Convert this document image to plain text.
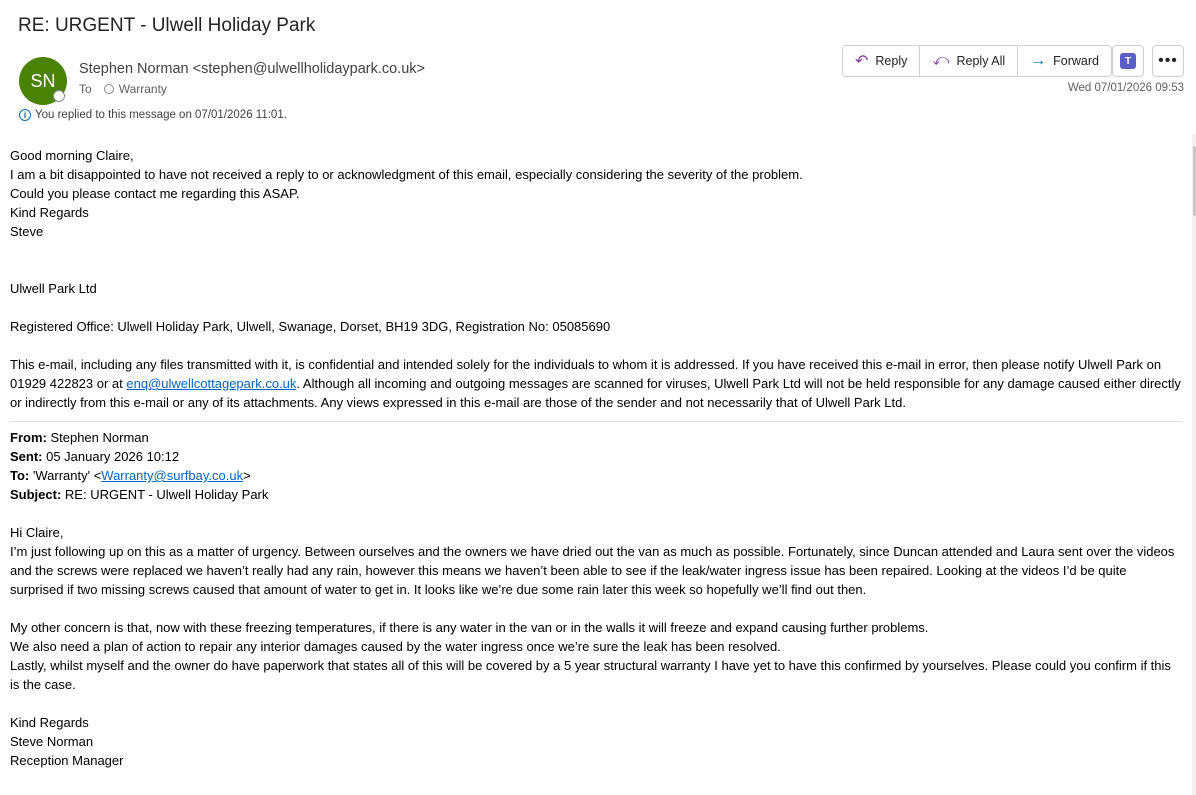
RE: URGENT - Ulwell Holiday Park
SN
Stephen Norman <stephen@ulwellholidaypark.co.uk>
To Warranty
i You replied to this message on 07/01/2026 11:01.
↶ Reply ⤺ Reply All → Forward	T	•••
Wed 07/01/2026 09:53

Good morning Claire,

I am a bit disappointed to have not received a reply to or acknowledgment of this email, especially considering the severity of the problem.

Could you please contact me regarding this ASAP.

Kind Regards

Steve

Ulwell Park Ltd

Registered Office: Ulwell Holiday Park, Ulwell, Swanage, Dorset, BH19 3DG, Registration No: 05085690

This e-mail, including any files transmitted with it, is confidential and intended solely for the individuals to whom it is addressed. If you have received this e-mail in error, then please notify Ulwell Park on 01929 422823 or at enq@ulwellcottagepark.co.uk. Although all incoming and outgoing messages are scanned for viruses, Ulwell Park Ltd will not be held responsible for any damage caused either directly or indirectly from this e-mail or any of its attachments. Any views expressed in this e-mail are those of the sender and not necessarily that of Ulwell Park Ltd.

From: Stephen Norman

Sent: 05 January 2026 10:12

To: 'Warranty' <Warranty@surfbay.co.uk>

Subject: RE: URGENT - Ulwell Holiday Park

Hi Claire,

I’m just following up on this as a matter of urgency. Between ourselves and the owners we have dried out the van as much as possible. Fortunately, since Duncan attended and Laura sent over the videos and the screws were replaced we haven’t really had any rain, however this means we haven’t been able to see if the leak/water ingress issue has been repaired. Looking at the videos I’d be quite surprised if two missing screws caused that amount of water to get in. It looks like we’re due some rain later this week so hopefully we’ll find out then.

My other concern is that, now with these freezing temperatures, if there is any water in the van or in the walls it will freeze and expand causing further problems.

We also need a plan of action to repair any interior damages caused by the water ingress once we’re sure the leak has been resolved.

Lastly, whilst myself and the owner do have paperwork that states all of this will be covered by a 5 year structural warranty I have yet to have this confirmed by yourselves. Please could you confirm if this is the case.

Kind Regards

Steve Norman

Reception Manager
